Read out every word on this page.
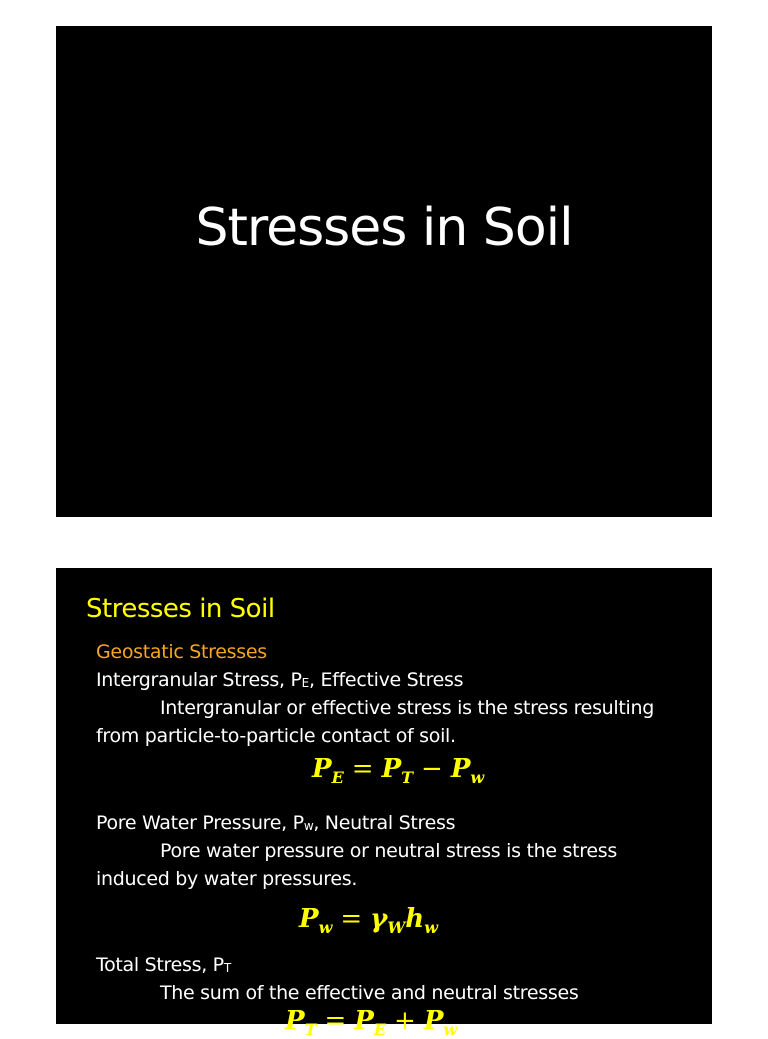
Stresses in Soil
Stresses in Soil
Geostatic Stresses
Intergranular Stress, PE, Effective Stress
Intergranular or effective stress is the stress resulting
from particle-to-particle contact of soil.
$P_E = P_T - P_w$
Pore Water Pressure, Pw, Neutral Stress
Pore water pressure or neutral stress is the stress
induced by water pressures.
$P_w = \gamma_Wh_w$
Total Stress, PT
The sum of the effective and neutral stresses
$P_T = P_E + P_w$
